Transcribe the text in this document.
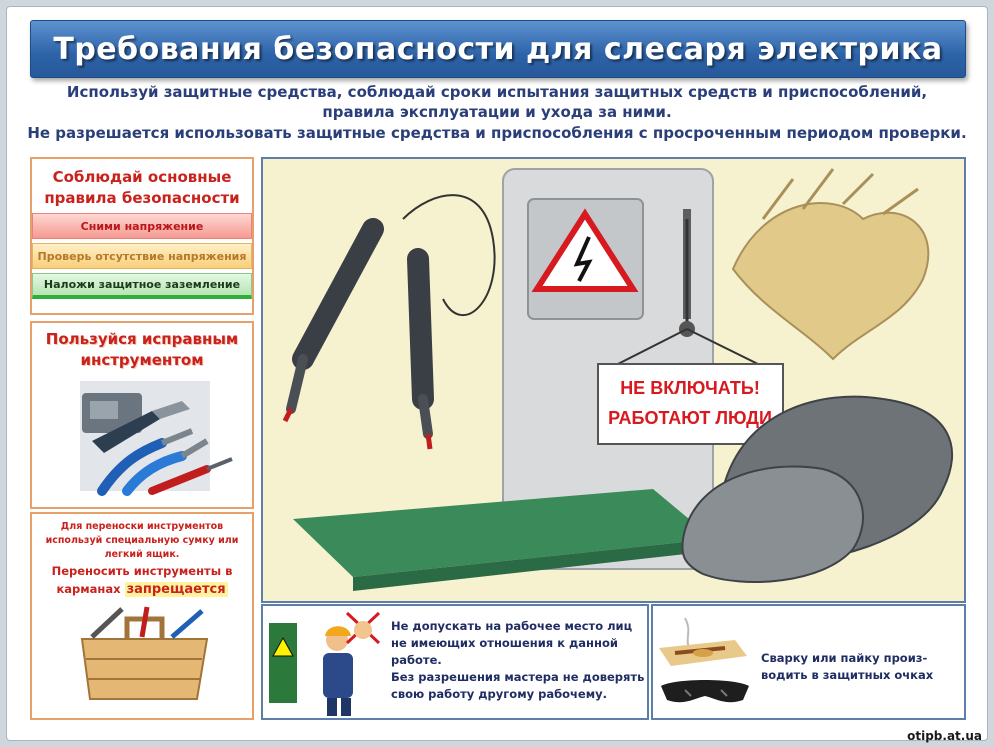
Требования безопасности для слесаря электрика
Используй защитные средства, соблюдай сроки испытания защитных средств и приспособлений,
правила эксплуатации и ухода за ними.
Не разрешается использовать защитные средства и приспособления с просроченным периодом проверки.
Соблюдай основные
правила безопасности
Сними напряжение
Проверь отсутствие напряжения
Наложи защитное заземление
Пользуйся исправным
инструментом
Для переноски инструментов
используй специальную сумку или
легкий ящик.
Переносить инструменты в
карманах запрещается
НЕ ВКЛЮЧАТЬ!
РАБОТАЮТ ЛЮДИ
Не допускать на рабочее место лиц
не имеющих отношения к данной
работе.
Без разрешения мастера не доверять
свою работу другому рабочему.
Сварку или пайку произ-
водить в защитных очках
otipb.at.ua
